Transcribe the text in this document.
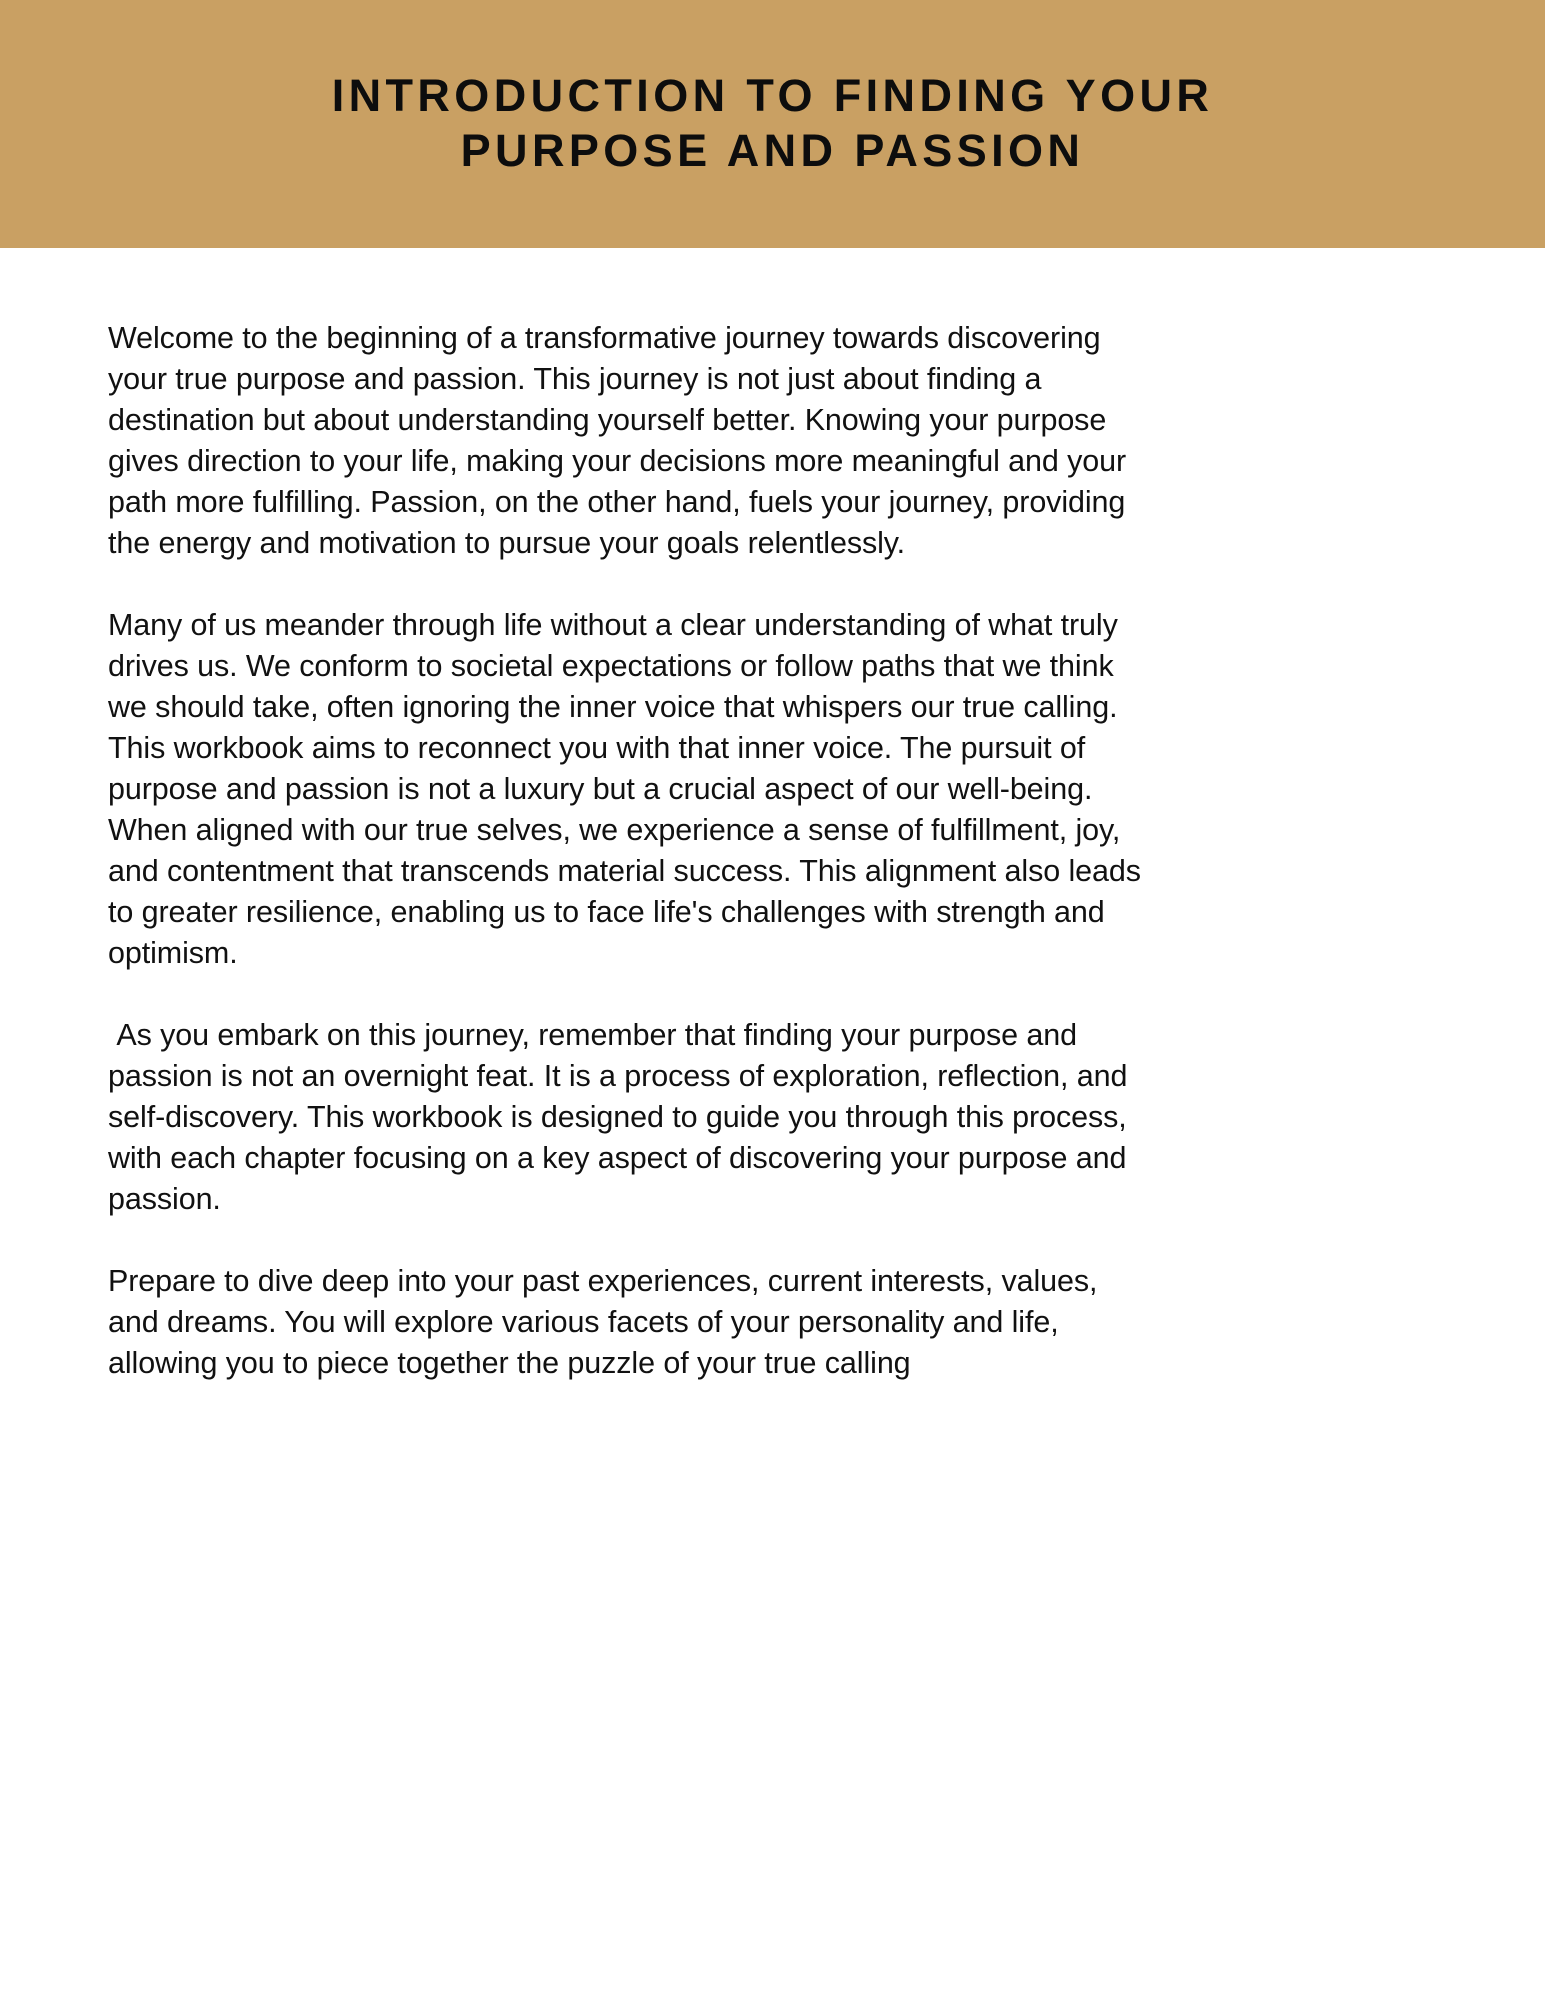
INTRODUCTION TO FINDING YOUR PURPOSE AND PASSION

Welcome to the beginning of a transformative journey towards discovering your true purpose and passion. This journey is not just about finding a destination but about understanding yourself better. Knowing your purpose gives direction to your life, making your decisions more meaningful and your path more fulfilling. Passion, on the other hand, fuels your journey, providing the energy and motivation to pursue your goals relentlessly.

Many of us meander through life without a clear understanding of what truly drives us. We conform to societal expectations or follow paths that we think we should take, often ignoring the inner voice that whispers our true calling. This workbook aims to reconnect you with that inner voice. The pursuit of purpose and passion is not a luxury but a crucial aspect of our well-being. When aligned with our true selves, we experience a sense of fulfillment, joy, and contentment that transcends material success. This alignment also leads to greater resilience, enabling us to face life's challenges with strength and optimism.

As you embark on this journey, remember that finding your purpose and passion is not an overnight feat. It is a process of exploration, reflection, and self-discovery. This workbook is designed to guide you through this process, with each chapter focusing on a key aspect of discovering your purpose and passion.

Prepare to dive deep into your past experiences, current interests, values, and dreams. You will explore various facets of your personality and life, allowing you to piece together the puzzle of your true calling
